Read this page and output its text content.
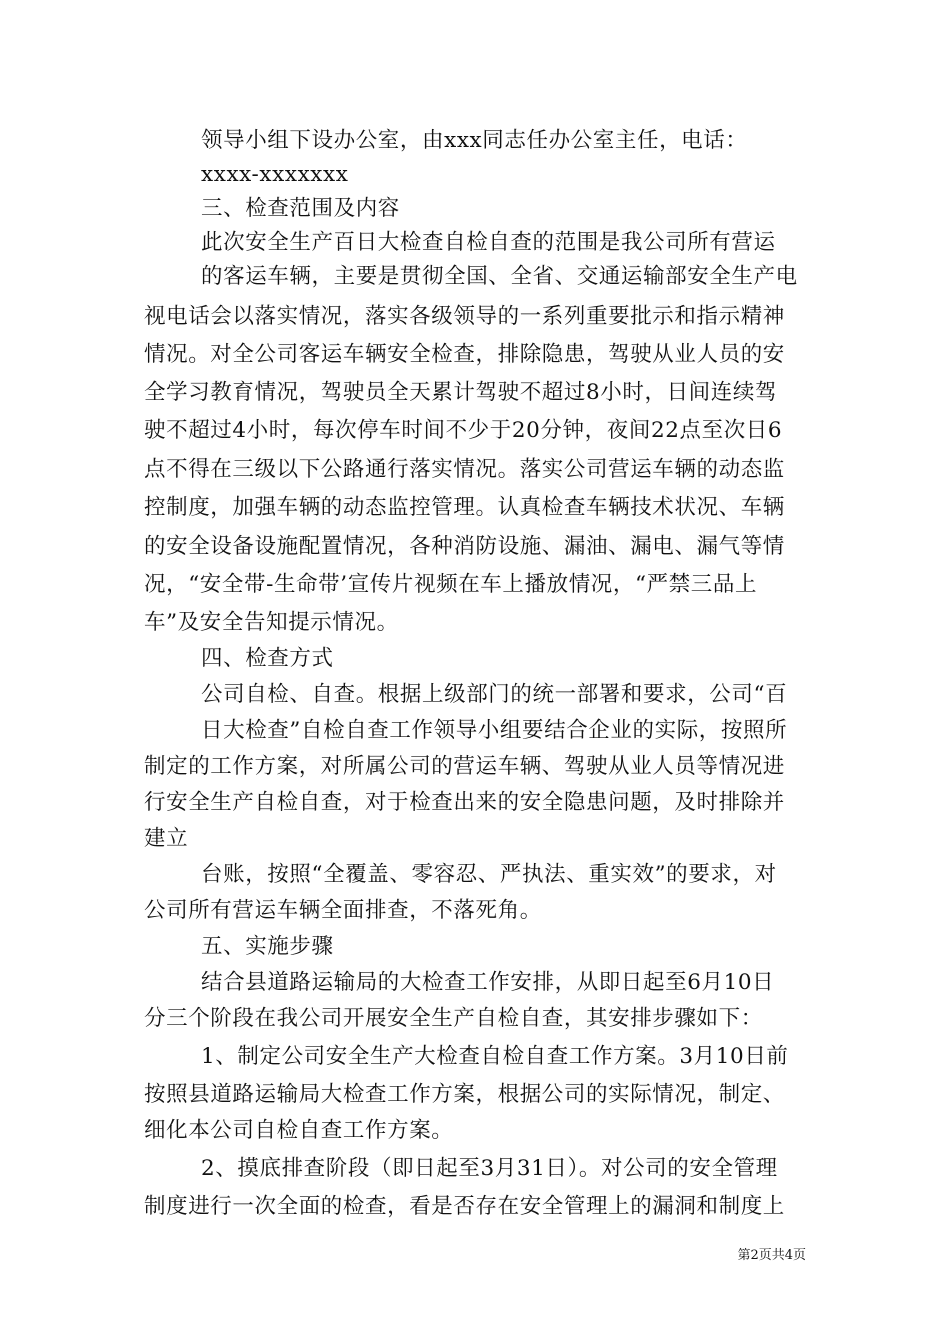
领导小组下设办公室，由xxx同志任办公室主任，电话：
xxxx-xxxxxxx
三、检查范围及内容
此次安全生产百日大检查自检自查的范围是我公司所有营运
的客运车辆，主要是贯彻全国、全省、交通运输部安全生产电
视电话会以落实情况，落实各级领导的一系列重要批示和指示精神
情况。对全公司客运车辆安全检查，排除隐患，驾驶从业人员的安
全学习教育情况，驾驶员全天累计驾驶不超过8小时，日间连续驾
驶不超过4小时，每次停车时间不少于20分钟，夜间22点至次日6
点不得在三级以下公路通行落实情况。落实公司营运车辆的动态监
控制度，加强车辆的动态监控管理。认真检查车辆技术状况、车辆
的安全设备设施配置情况，各种消防设施、漏油、漏电、漏气等情
况，“安全带-生命带’宣传片视频在车上播放情况，“严禁三品上
车”及安全告知提示情况。
四、检查方式
公司自检、自查。根据上级部门的统一部署和要求，公司“百
日大检查”自检自查工作领导小组要结合企业的实际，按照所
制定的工作方案，对所属公司的营运车辆、驾驶从业人员等情况进
行安全生产自检自查，对于检查出来的安全隐患问题，及时排除并
建立
台账，按照“全覆盖、零容忍、严执法、重实效”的要求，对
公司所有营运车辆全面排查，不落死角。
五、实施步骤
结合县道路运输局的大检查工作安排，从即日起至6月10日
分三个阶段在我公司开展安全生产自检自查，其安排步骤如下：
1、制定公司安全生产大检查自检自查工作方案。3月10日前
按照县道路运输局大检查工作方案，根据公司的实际情况，制定、
细化本公司自检自查工作方案。
2、摸底排查阶段（即日起至3月31日）。对公司的安全管理
制度进行一次全面的检查，看是否存在安全管理上的漏洞和制度上
第2页共4页
